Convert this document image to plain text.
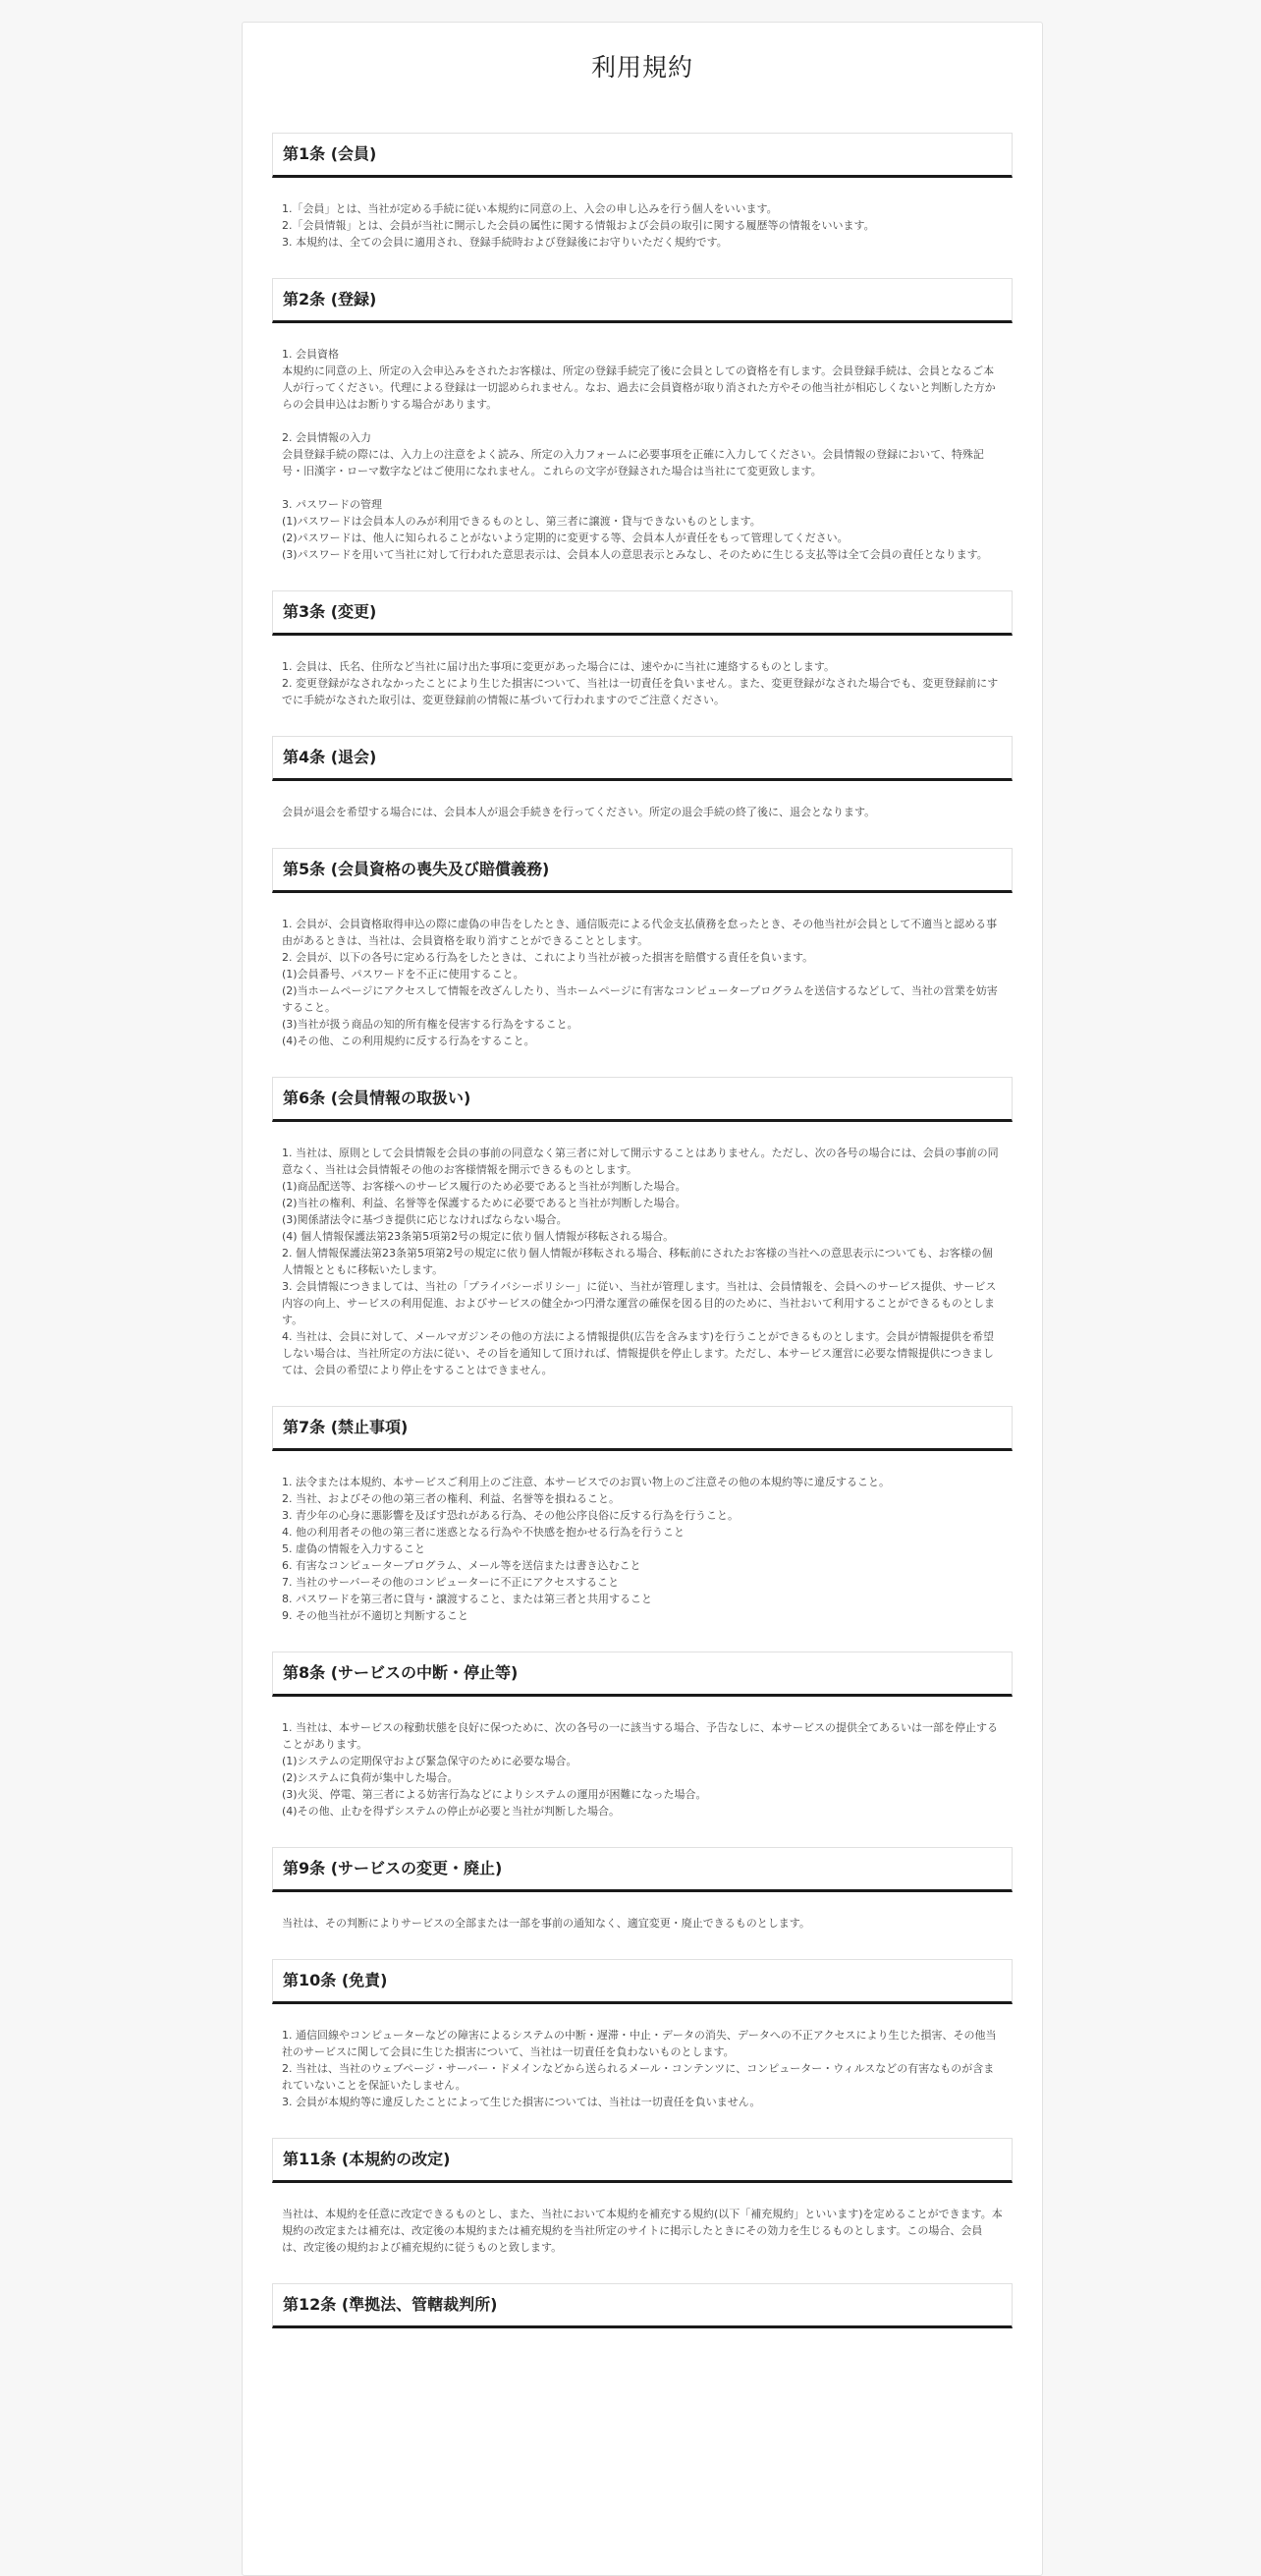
利用規約
第1条 (会員)

1.「会員」とは、当社が定める手続に従い本規約に同意の上、入会の申し込みを行う個人をいいます。

2.「会員情報」とは、会員が当社に開示した会員の属性に関する情報および会員の取引に関する履歴等の情報をいいます。

3. 本規約は、全ての会員に適用され、登録手続時および登録後にお守りいただく規約です。

第2条 (登録)

1. 会員資格

本規約に同意の上、所定の入会申込みをされたお客様は、所定の登録手続完了後に会員としての資格を有します。会員登録手続は、会員となるご本人が行ってください。代理による登録は一切認められません。なお、過去に会員資格が取り消された方やその他当社が相応しくないと判断した方からの会員申込はお断りする場合があります。

2. 会員情報の入力

会員登録手続の際には、入力上の注意をよく読み、所定の入力フォームに必要事項を正確に入力してください。会員情報の登録において、特殊記号・旧漢字・ローマ数字などはご使用になれません。これらの文字が登録された場合は当社にて変更致します。

3. パスワードの管理

(1)パスワードは会員本人のみが利用できるものとし、第三者に譲渡・貸与できないものとします。

(2)パスワードは、他人に知られることがないよう定期的に変更する等、会員本人が責任をもって管理してください。

(3)パスワードを用いて当社に対して行われた意思表示は、会員本人の意思表示とみなし、そのために生じる支払等は全て会員の責任となります。

第3条 (変更)

1. 会員は、氏名、住所など当社に届け出た事項に変更があった場合には、速やかに当社に連絡するものとします。

2. 変更登録がなされなかったことにより生じた損害について、当社は一切責任を負いません。また、変更登録がなされた場合でも、変更登録前にすでに手続がなされた取引は、変更登録前の情報に基づいて行われますのでご注意ください。

第4条 (退会)

会員が退会を希望する場合には、会員本人が退会手続きを行ってください。所定の退会手続の終了後に、退会となります。

第5条 (会員資格の喪失及び賠償義務)

1. 会員が、会員資格取得申込の際に虚偽の申告をしたとき、通信販売による代金支払債務を怠ったとき、その他当社が会員として不適当と認める事由があるときは、当社は、会員資格を取り消すことができることとします。

2. 会員が、以下の各号に定める行為をしたときは、これにより当社が被った損害を賠償する責任を負います。

(1)会員番号、パスワードを不正に使用すること。

(2)当ホームページにアクセスして情報を改ざんしたり、当ホームページに有害なコンピュータープログラムを送信するなどして、当社の営業を妨害すること。

(3)当社が扱う商品の知的所有権を侵害する行為をすること。

(4)その他、この利用規約に反する行為をすること。

第6条 (会員情報の取扱い)

1. 当社は、原則として会員情報を会員の事前の同意なく第三者に対して開示することはありません。ただし、次の各号の場合には、会員の事前の同意なく、当社は会員情報その他のお客様情報を開示できるものとします。

(1)商品配送等、お客様へのサービス履行のため必要であると当社が判断した場合。

(2)当社の権利、利益、名誉等を保護するために必要であると当社が判断した場合。

(3)関係諸法令に基づき提供に応じなければならない場合。

(4) 個人情報保護法第23条第5項第2号の規定に依り個人情報が移転される場合。

2. 個人情報保護法第23条第5項第2号の規定に依り個人情報が移転される場合、移転前にされたお客様の当社への意思表示についても、お客様の個人情報とともに移転いたします。

3. 会員情報につきましては、当社の「プライバシーポリシー」に従い、当社が管理します。当社は、会員情報を、会員へのサービス提供、サービス内容の向上、サービスの利用促進、およびサービスの健全かつ円滑な運営の確保を図る目的のために、当社おいて利用することができるものとします。

4. 当社は、会員に対して、メールマガジンその他の方法による情報提供(広告を含みます)を行うことができるものとします。会員が情報提供を希望しない場合は、当社所定の方法に従い、その旨を通知して頂ければ、情報提供を停止します。ただし、本サービス運営に必要な情報提供につきましては、会員の希望により停止をすることはできません。

第7条 (禁止事項)

1. 法令または本規約、本サービスご利用上のご注意、本サービスでのお買い物上のご注意その他の本規約等に違反すること。

2. 当社、およびその他の第三者の権利、利益、名誉等を損ねること。

3. 青少年の心身に悪影響を及ぼす恐れがある行為、その他公序良俗に反する行為を行うこと。

4. 他の利用者その他の第三者に迷惑となる行為や不快感を抱かせる行為を行うこと

5. 虚偽の情報を入力すること

6. 有害なコンピュータープログラム、メール等を送信または書き込むこと

7. 当社のサーバーその他のコンピューターに不正にアクセスすること

8. パスワードを第三者に貸与・譲渡すること、または第三者と共用すること

9. その他当社が不適切と判断すること

第8条 (サービスの中断・停止等)

1. 当社は、本サービスの稼動状態を良好に保つために、次の各号の一に該当する場合、予告なしに、本サービスの提供全てあるいは一部を停止することがあります。

(1)システムの定期保守および緊急保守のために必要な場合。

(2)システムに負荷が集中した場合。

(3)火災、停電、第三者による妨害行為などによりシステムの運用が困難になった場合。

(4)その他、止むを得ずシステムの停止が必要と当社が判断した場合。

第9条 (サービスの変更・廃止)

当社は、その判断によりサービスの全部または一部を事前の通知なく、適宜変更・廃止できるものとします。

第10条 (免責)

1. 通信回線やコンピューターなどの障害によるシステムの中断・遅滞・中止・データの消失、データへの不正アクセスにより生じた損害、その他当社のサービスに関して会員に生じた損害について、当社は一切責任を負わないものとします。

2. 当社は、当社のウェブページ・サーバー・ドメインなどから送られるメール・コンテンツに、コンピューター・ウィルスなどの有害なものが含まれていないことを保証いたしません。

3. 会員が本規約等に違反したことによって生じた損害については、当社は一切責任を負いません。

第11条 (本規約の改定)

当社は、本規約を任意に改定できるものとし、また、当社において本規約を補充する規約(以下「補充規約」といいます)を定めることができます。本規約の改定または補充は、改定後の本規約または補充規約を当社所定のサイトに掲示したときにその効力を生じるものとします。この場合、会員は、改定後の規約および補充規約に従うものと致します。

第12条 (準拠法、管轄裁判所)
